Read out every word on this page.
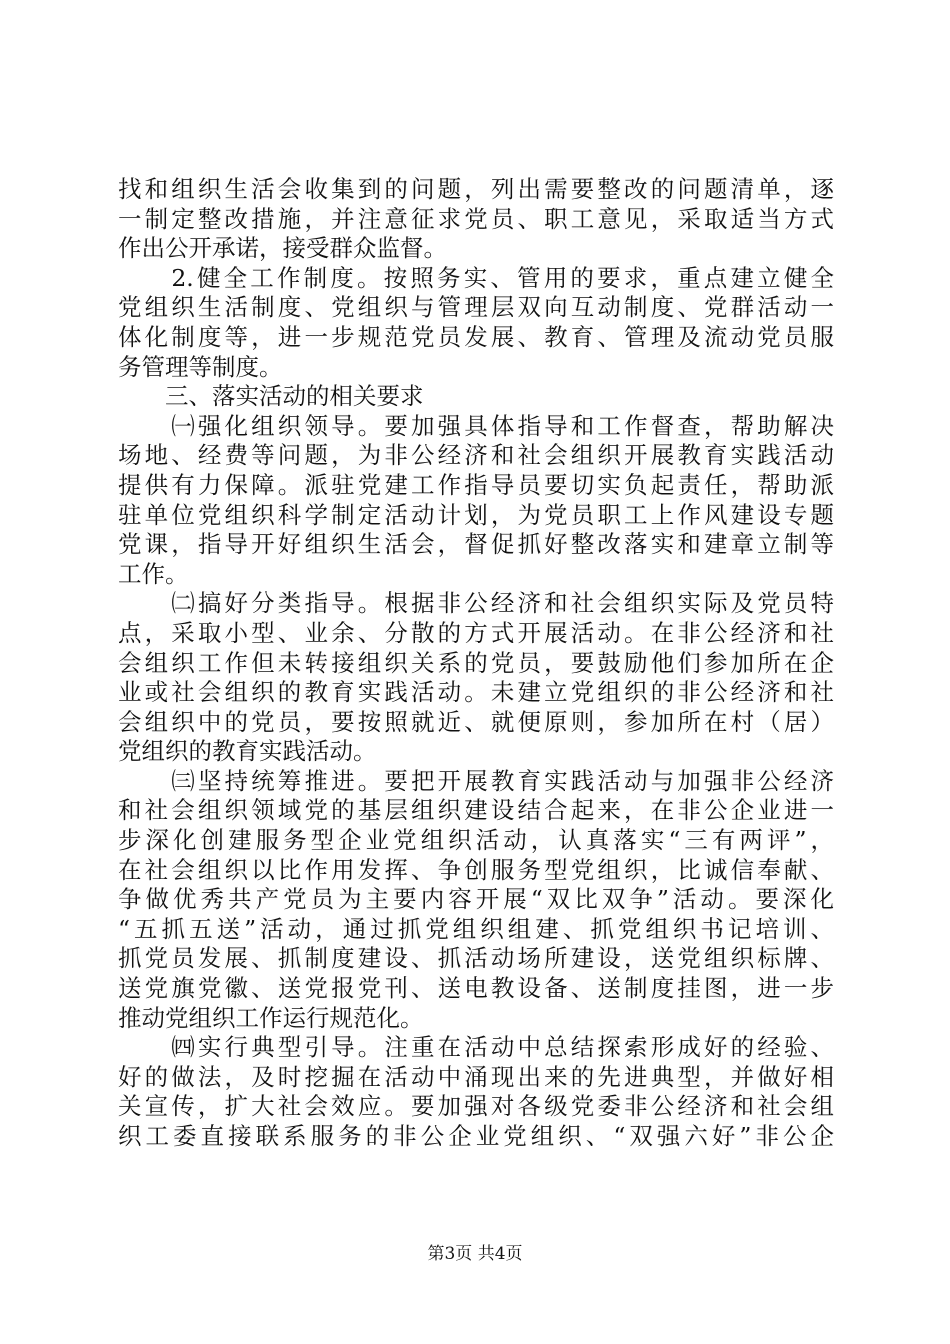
找和组织生活会收集到的问题，列出需要整改的问题清单，逐
一制定整改措施，并注意征求党员、职工意见，采取适当方式
作出公开承诺，接受群众监督。
　　2.健全工作制度。按照务实、管用的要求，重点建立健全
党组织生活制度、党组织与管理层双向互动制度、党群活动一
体化制度等，进一步规范党员发展、教育、管理及流动党员服
务管理等制度。
　　三、落实活动的相关要求
　　㈠强化组织领导。要加强具体指导和工作督查，帮助解决
场地、经费等问题，为非公经济和社会组织开展教育实践活动
提供有力保障。派驻党建工作指导员要切实负起责任，帮助派
驻单位党组织科学制定活动计划，为党员职工上作风建设专题
党课，指导开好组织生活会，督促抓好整改落实和建章立制等
工作。
　　㈡搞好分类指导。根据非公经济和社会组织实际及党员特
点，采取小型、业余、分散的方式开展活动。在非公经济和社
会组织工作但未转接组织关系的党员，要鼓励他们参加所在企
业或社会组织的教育实践活动。未建立党组织的非公经济和社
会组织中的党员，要按照就近、就便原则，参加所在村（居）
党组织的教育实践活动。
　　㈢坚持统筹推进。要把开展教育实践活动与加强非公经济
和社会组织领域党的基层组织建设结合起来，在非公企业进一
步深化创建服务型企业党组织活动，认真落实“三有两评”，
在社会组织以比作用发挥、争创服务型党组织，比诚信奉献、
争做优秀共产党员为主要内容开展“双比双争”活动。要深化
“五抓五送”活动，通过抓党组织组建、抓党组织书记培训、
抓党员发展、抓制度建设、抓活动场所建设，送党组织标牌、
送党旗党徽、送党报党刊、送电教设备、送制度挂图，进一步
推动党组织工作运行规范化。
　　㈣实行典型引导。注重在活动中总结探索形成好的经验、
好的做法，及时挖掘在活动中涌现出来的先进典型，并做好相
关宣传，扩大社会效应。要加强对各级党委非公经济和社会组
织工委直接联系服务的非公企业党组织、“双强六好”非公企
第3页 共4页
